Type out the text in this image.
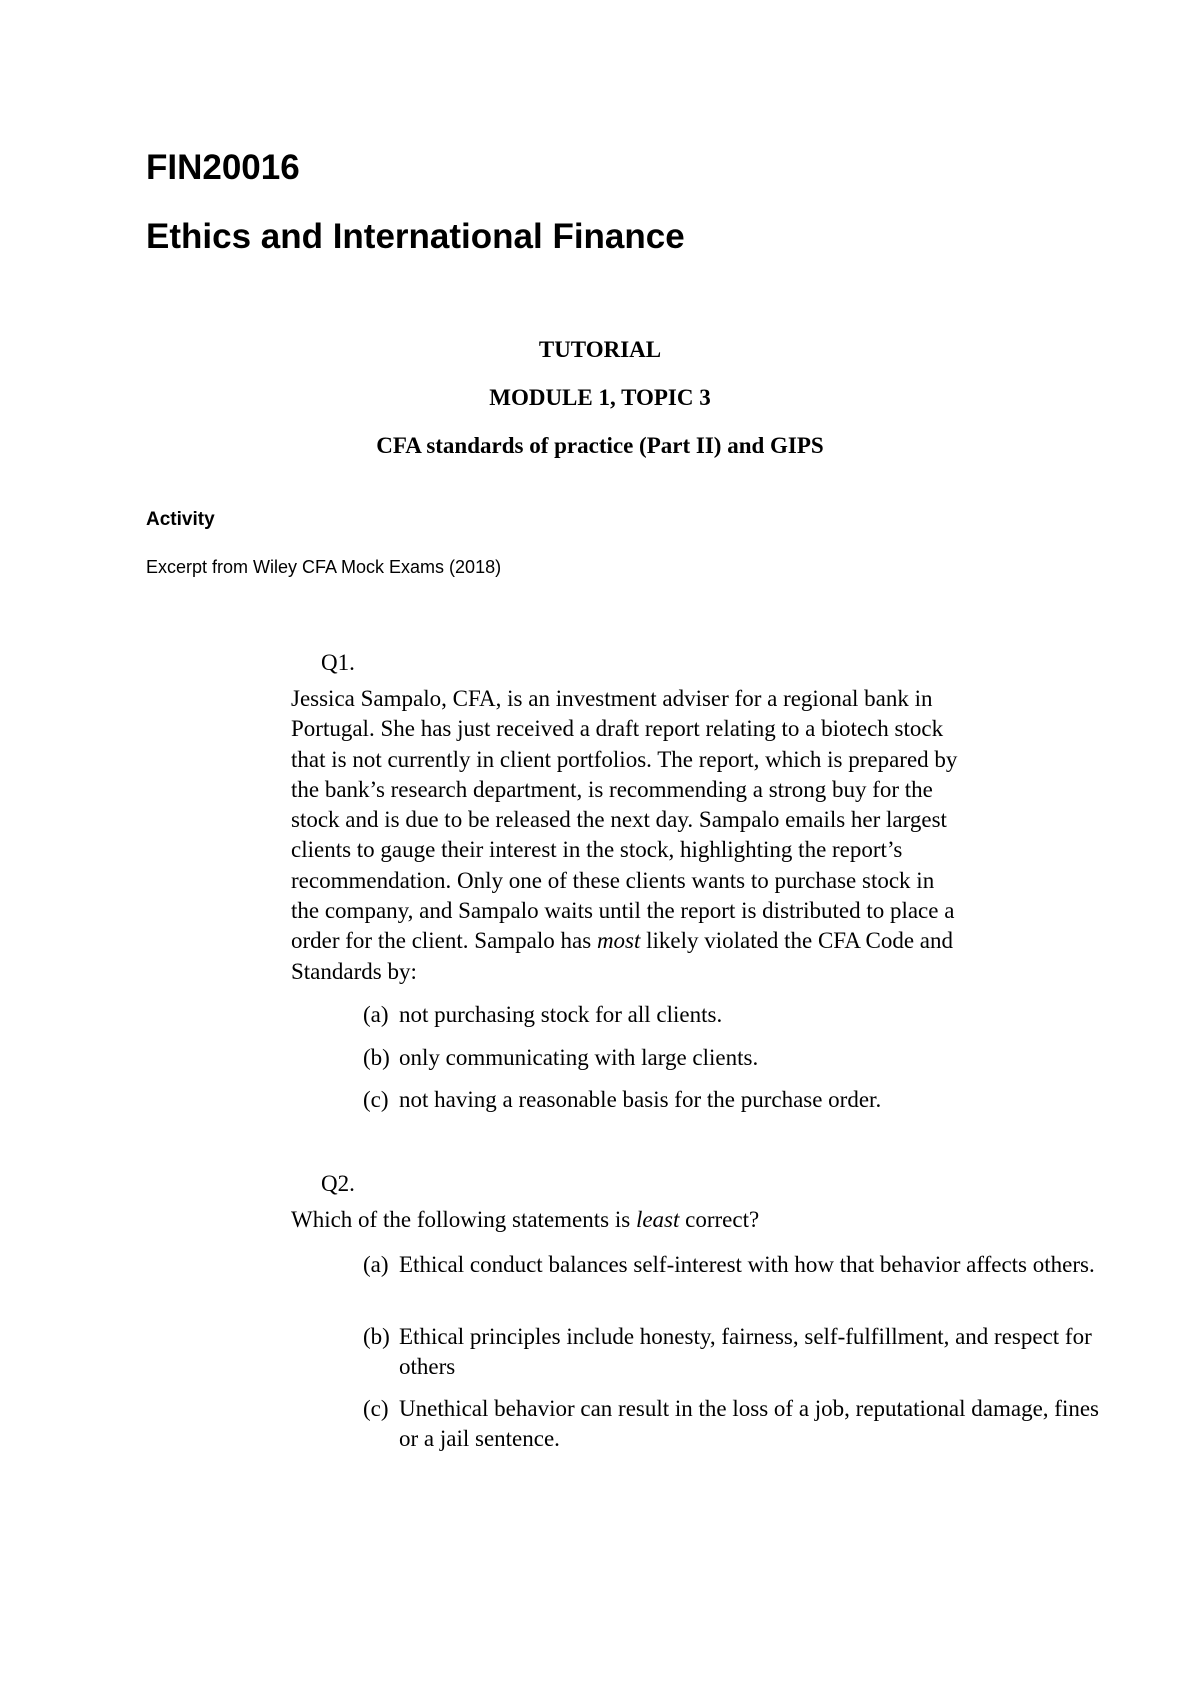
FIN20016
Ethics and International Finance
TUTORIAL
MODULE 1, TOPIC 3
CFA standards of practice (Part II) and GIPS
Activity
Excerpt from Wiley CFA Mock Exams (2018)
Q1.
Jessica Sampalo, CFA, is an investment adviser for a regional bank in
Portugal. She has just received a draft report relating to a biotech stock
that is not currently in client portfolios. The report, which is prepared by
the bank’s research department, is recommending a strong buy for the
stock and is due to be released the next day. Sampalo emails her largest
clients to gauge their interest in the stock, highlighting the report’s
recommendation. Only one of these clients wants to purchase stock in
the company, and Sampalo waits until the report is distributed to place a
order for the client. Sampalo has most likely violated the CFA Code and
Standards by:
(a) not purchasing stock for all clients.
(b) only communicating with large clients.
(c) not having a reasonable basis for the purchase order.
Q2.
Which of the following statements is least correct?
(a) Ethical conduct balances self-interest with how that behavior affects others.
(b) Ethical principles include honesty, fairness, self-fulfillment, and respect for others
(c) Unethical behavior can result in the loss of a job, reputational damage, fines or a jail sentence.
